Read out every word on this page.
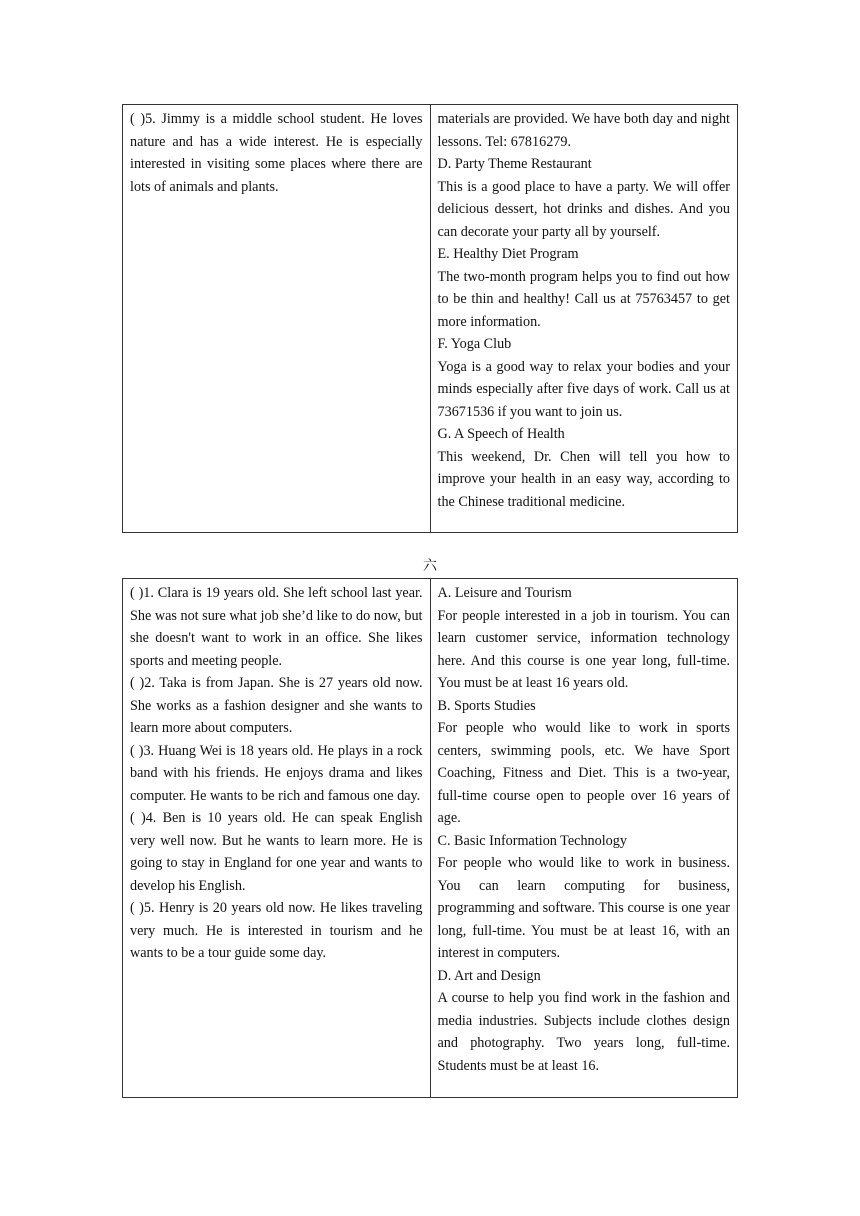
( )5. Jimmy is a middle school student. He loves nature and has a wide interest. He is especially interested in visiting some places where there are lots of animals and plants.

materials are provided. We have both day and night lessons. Tel: 67816279.
D. Party Theme Restaurant
This is a good place to have a party. We will offer delicious dessert, hot drinks and dishes. And you can decorate your party all by yourself.
E. Healthy Diet Program
The two-month program helps you to find out how to be thin and healthy! Call us at 75763457 to get more information.
F. Yoga Club
Yoga is a good way to relax your bodies and your minds especially after five days of work. Call us at 73671536 if you want to join us.
G. A Speech of Health
This weekend, Dr. Chen will tell you how to improve your health in an easy way, according to the Chinese traditional medicine.
六
( )1. Clara is 19 years old. She left school last year. She was not sure what job she’d like to do now, but she doesn't want to work in an office. She likes sports and meeting people.
( )2. Taka is from Japan. She is 27 years old now. She works as a fashion designer and she wants to learn more about computers.
( )3. Huang Wei is 18 years old. He plays in a rock band with his friends. He enjoys drama and likes computer. He wants to be rich and famous one day.
( )4. Ben is 10 years old. He can speak English very well now. But he wants to learn more. He is going to stay in England for one year and wants to develop his English.
( )5. Henry is 20 years old now. He likes traveling very much. He is interested in tourism and he wants to be a tour guide some day.

A. Leisure and Tourism
For people interested in a job in tourism. You can learn customer service, information technology here. And this course is one year long, full-time. You must be at least 16 years old.
B. Sports Studies
For people who would like to work in sports centers, swimming pools, etc. We have Sport Coaching, Fitness and Diet. This is a two-year, full-time course open to people over 16 years of age.
C. Basic Information Technology
For people who would like to work in business. You can learn computing for business, programming and software. This course is one year long, full-time. You must be at least 16, with an interest in computers.
D. Art and Design
A course to help you find work in the fashion and media industries. Subjects include clothes design and photography. Two years long, full-time. Students must be at least 16.
